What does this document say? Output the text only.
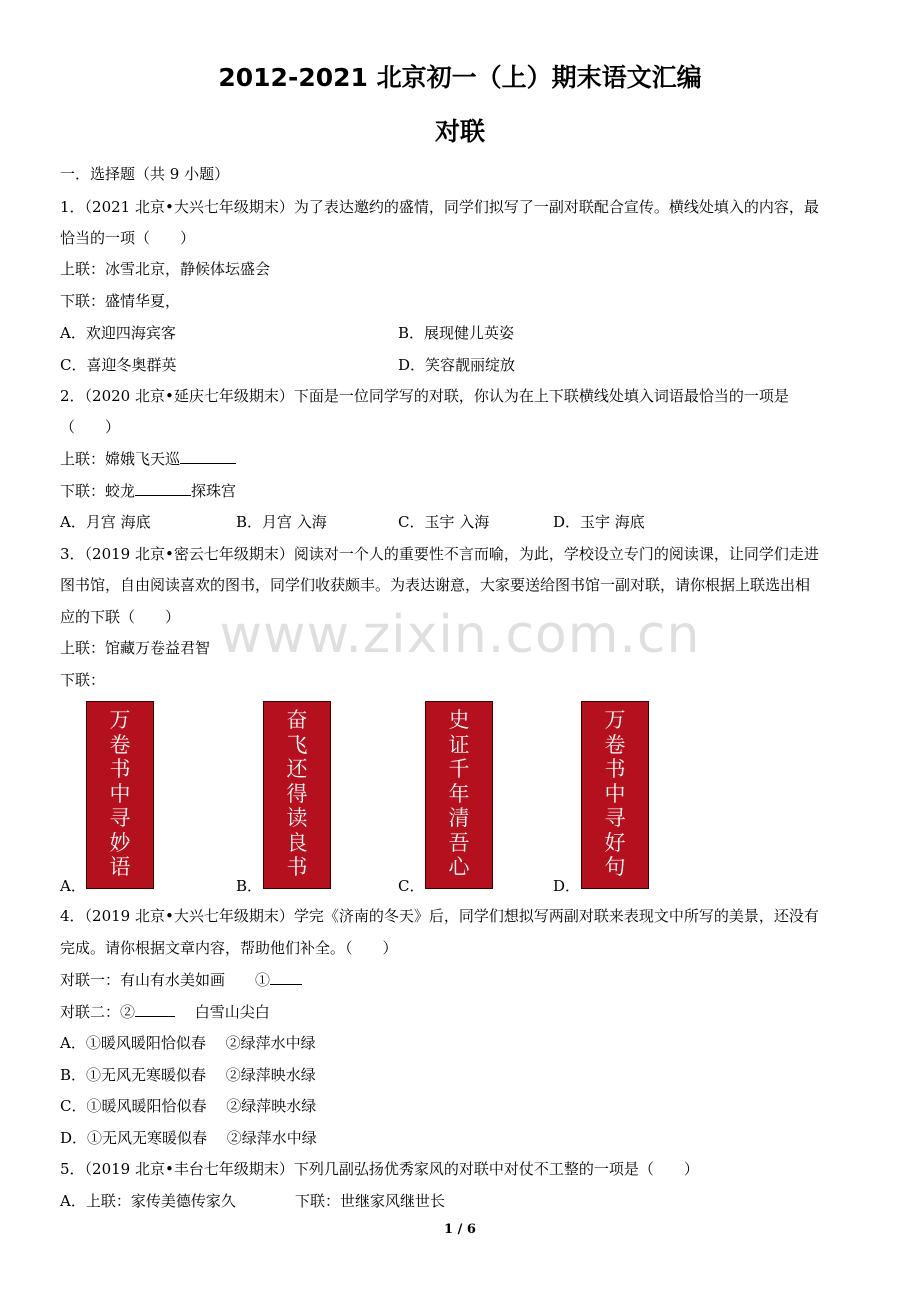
2012-2021 北京初一（上）期末语文汇编
对联
www.zixin.com.cn
一．选择题（共 9 小题）
1．（2021 北京•大兴七年级期末）为了表达邀约的盛情，同学们拟写了一副对联配合宣传。横线处填入的内容，最
恰当的一项（　　）
上联：冰雪北京，静候体坛盛会
下联：盛情华夏，
A．欢迎四海宾客	B．展现健儿英姿
C．喜迎冬奥群英	D．笑容靓丽绽放
2．（2020 北京•延庆七年级期末）下面是一位同学写的对联，你认为在上下联横线处填入词语最恰当的一项是
（　　）
上联：嫦娥飞天巡
下联：蛟龙	探珠宫
A．月宫 海底	B．月宫 入海	C．玉宇 入海	D．玉宇 海底
3．（2019 北京•密云七年级期末）阅读对一个人的重要性不言而喻，为此，学校设立专门的阅读课，让同学们走进
图书馆，自由阅读喜欢的图书，同学们收获颇丰。为表达谢意，大家要送给图书馆一副对联，请你根据上联选出相
应的下联（　　）
上联：馆藏万卷益君智
下联：
A．
万
卷
书
中
寻
妙
语
B．
奋
飞
还
得
读
良
书
C．
史
证
千
年
清
吾
心
D．
万
卷
书
中
寻
好
句
4．（2019 北京•大兴七年级期末）学完《济南的冬天》后，同学们想拟写两副对联来表现文中所写的美景，还没有
完成。请你根据文章内容，帮助他们补全。（　　）
对联一：有山有水美如画　　①
对联二：②	　 白雪山尖白
A．①暖风暖阳恰似春　 ②绿萍水中绿
B．①无风无寒暖似春　 ②绿萍映水绿
C．①暖风暖阳恰似春　 ②绿萍映水绿
D．①无风无寒暖似春　 ②绿萍水中绿
5．（2019 北京•丰台七年级期末）下列几副弘扬优秀家风的对联中对仗不工整的一项是（　　）
A．上联：家传美德传家久	下联：世继家风继世长
1 / 6
